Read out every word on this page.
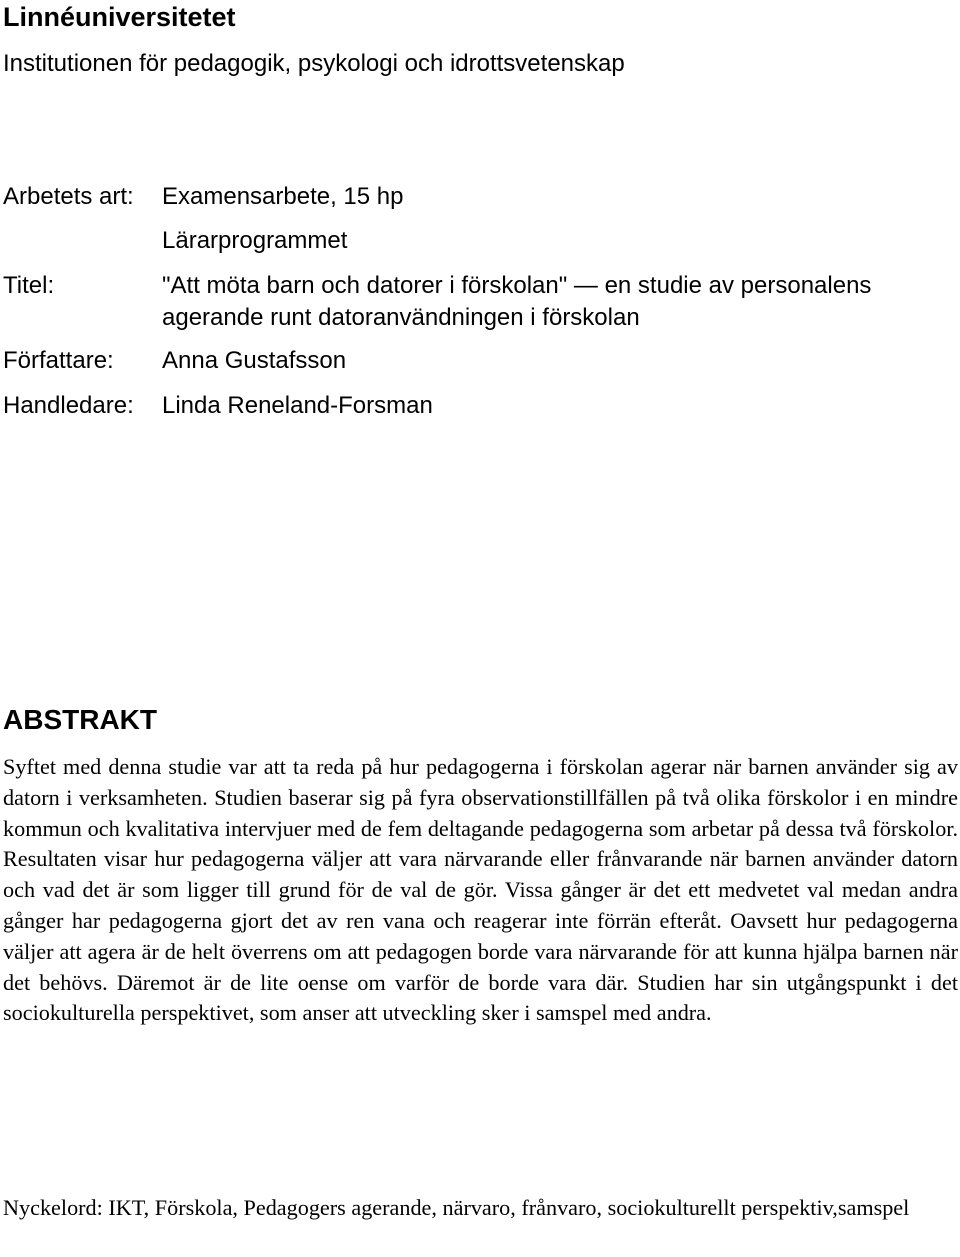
Linnéuniversitetet
Institutionen för pedagogik, psykologi och idrottsvetenskap
Arbetets art: Examensarbete, 15 hp
Lärarprogrammet
Titel:	"Att möta barn och datorer i förskolan" — en studie av personalens
agerande runt datoranvändningen i förskolan
Författare: Anna Gustafsson
Handledare: Linda Reneland-Forsman
ABSTRAKT

Syftet med denna studie var att ta reda på hur pedagogerna i förskolan agerar när barnen använder sig av datorn i verksamheten. Studien baserar sig på fyra observationstillfällen på två olika förskolor i en mindre kommun och kvalitativa intervjuer med de fem deltagande pedagogerna som arbetar på dessa två förskolor. Resultaten visar hur pedagogerna väljer att vara närvarande eller frånvarande när barnen använder datorn och vad det är som ligger till grund för de val de gör. Vissa gånger är det ett medvetet val medan andra gånger har pedagogerna gjort det av ren vana och reagerar inte förrän efteråt. Oavsett hur pedagogerna väljer att agera är de helt överrens om att pedagogen borde vara närvarande för att kunna hjälpa barnen när det behövs. Däremot är de lite oense om varför de borde vara där. Studien har sin utgångspunkt i det sociokulturella perspektivet, som anser att utveckling sker i samspel med andra.

Nyckelord: IKT, Förskola, Pedagogers agerande, närvaro, frånvaro, sociokulturellt perspektiv,samspel
